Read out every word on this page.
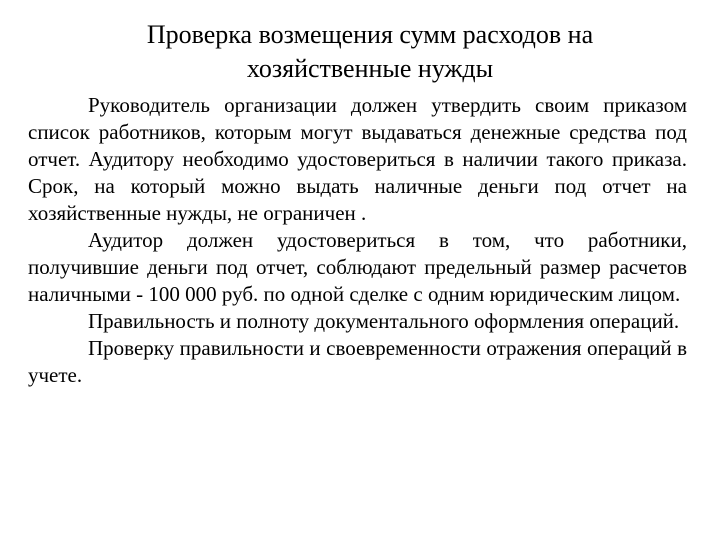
Проверка возмещения сумм расходов на
хозяйственные нужды

Руководитель организации должен утвердить своим приказом список работников, которым могут выдаваться денежные средства под отчет. Аудитору необходимо удостовериться в наличии такого приказа. Срок, на который можно выдать наличные деньги под отчет на хозяйственные нужды, не ограничен .

Аудитор должен удостовериться в том, что работники, получившие деньги под отчет, соблюдают предельный размер расчетов наличными - 100 000 руб. по одной сделке с одним юридическим лицом.

Правильность и полноту документального оформления операций.

Проверку правильности и своевременности отражения операций в учете.
